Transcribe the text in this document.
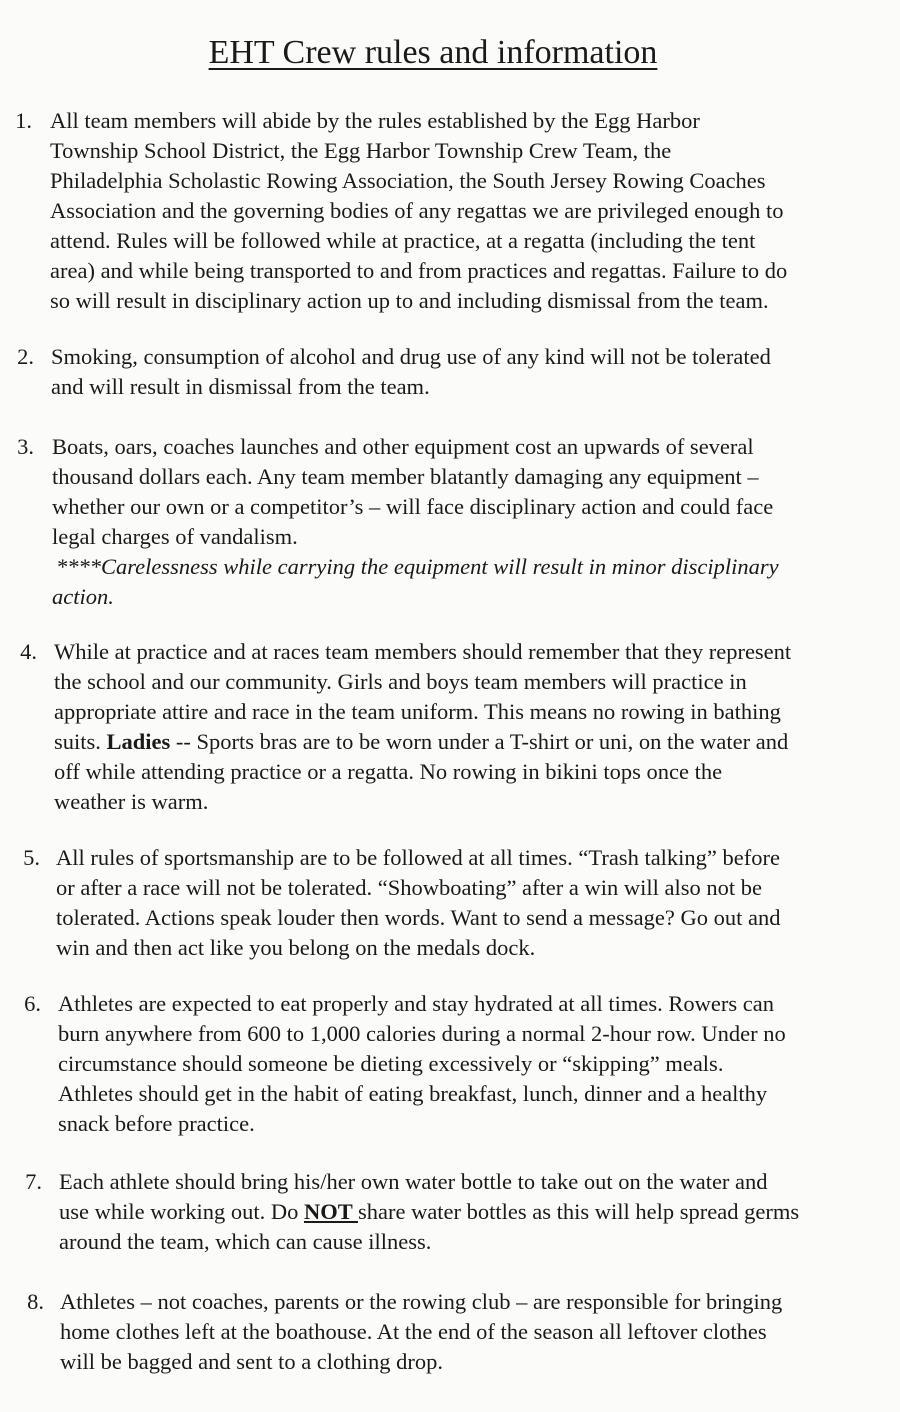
EHT Crew rules and information
1. All team members will abide by the rules established by the Egg Harbor
Township School District, the Egg Harbor Township Crew Team, the
Philadelphia Scholastic Rowing Association, the South Jersey Rowing Coaches
Association and the governing bodies of any regattas we are privileged enough to
attend. Rules will be followed while at practice, at a regatta (including the tent
area) and while being transported to and from practices and regattas. Failure to do
so will result in disciplinary action up to and including dismissal from the team.
2. Smoking, consumption of alcohol and drug use of any kind will not be tolerated
and will result in dismissal from the team.
3. Boats, oars, coaches launches and other equipment cost an upwards of several
thousand dollars each. Any team member blatantly damaging any equipment –
whether our own or a competitor’s – will face disciplinary action and could face
legal charges of vandalism.
****Carelessness while carrying the equipment will result in minor disciplinary
action.
4. While at practice and at races team members should remember that they represent
the school and our community. Girls and boys team members will practice in
appropriate attire and race in the team uniform. This means no rowing in bathing
suits. Ladies -- Sports bras are to be worn under a T-shirt or uni, on the water and
off while attending practice or a regatta. No rowing in bikini tops once the
weather is warm.
5. All rules of sportsmanship are to be followed at all times. “Trash talking” before
or after a race will not be tolerated. “Showboating” after a win will also not be
tolerated. Actions speak louder then words. Want to send a message? Go out and
win and then act like you belong on the medals dock.
6. Athletes are expected to eat properly and stay hydrated at all times. Rowers can
burn anywhere from 600 to 1,000 calories during a normal 2-hour row. Under no
circumstance should someone be dieting excessively or “skipping” meals.
Athletes should get in the habit of eating breakfast, lunch, dinner and a healthy
snack before practice.
7. Each athlete should bring his/her own water bottle to take out on the water and
use while working out. Do NOT share water bottles as this will help spread germs
around the team, which can cause illness.
8. Athletes – not coaches, parents or the rowing club – are responsible for bringing
home clothes left at the boathouse. At the end of the season all leftover clothes
will be bagged and sent to a clothing drop.
